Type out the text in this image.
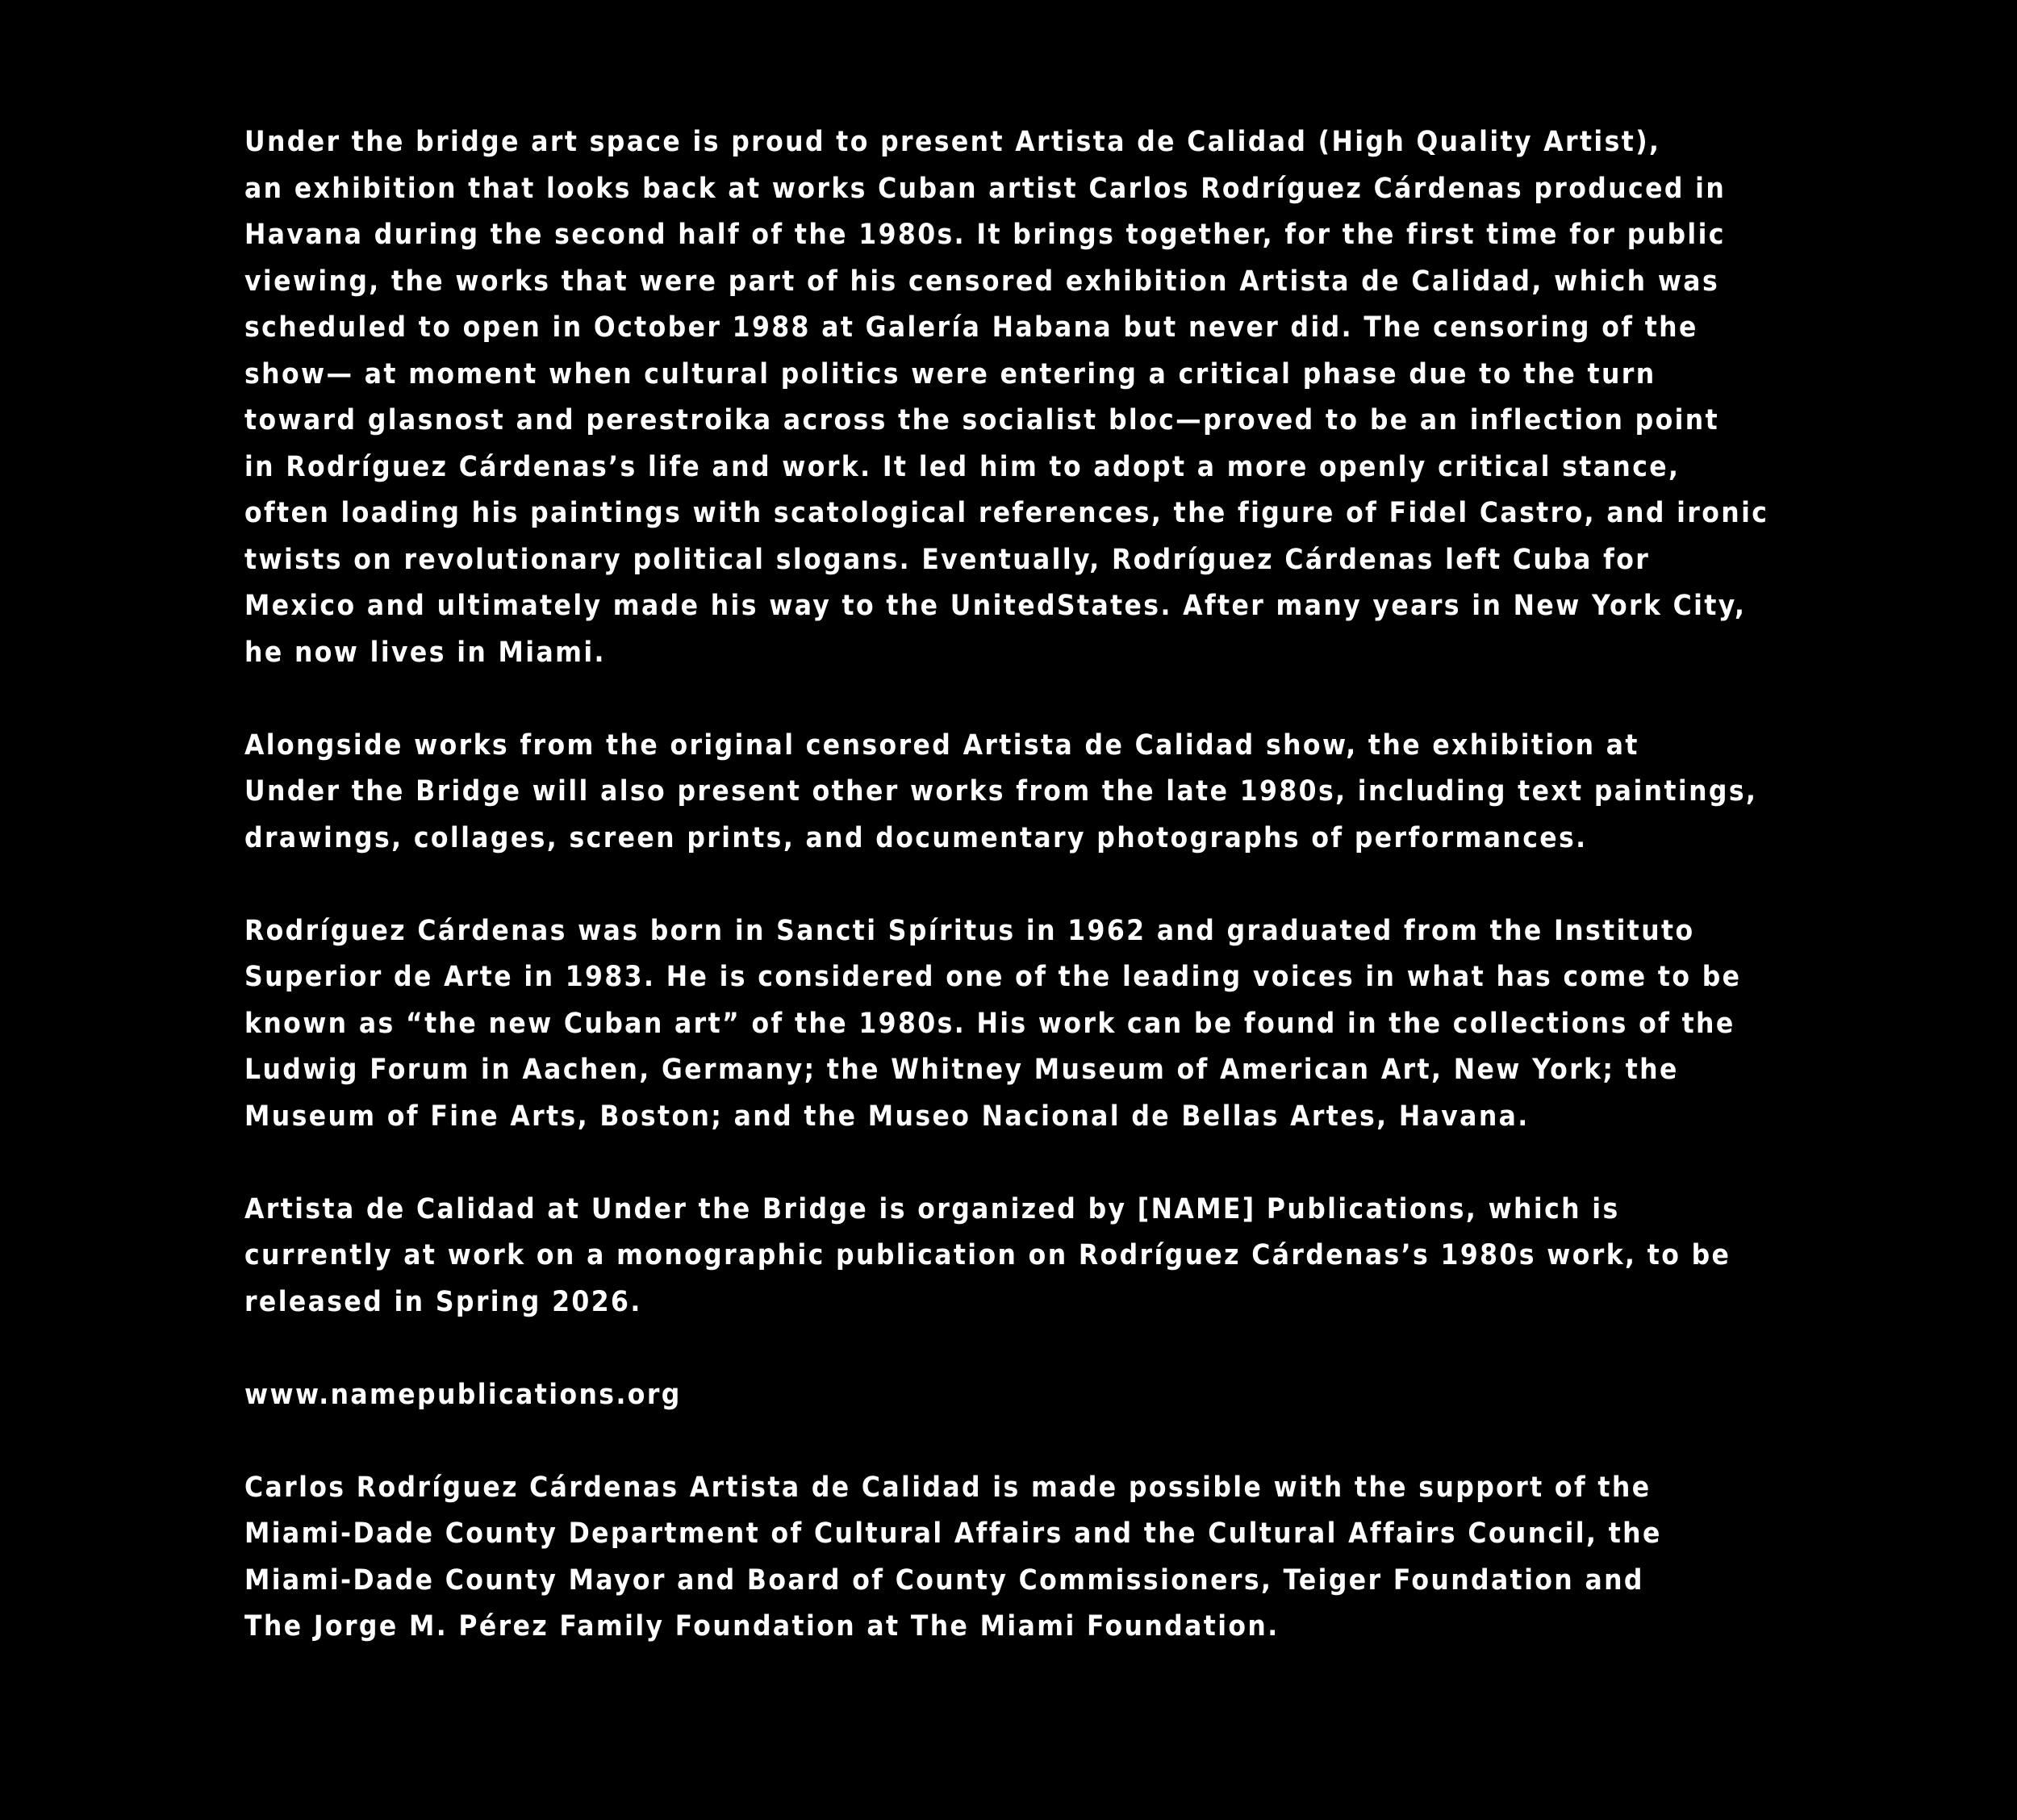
Under the bridge art space is proud to present Artista de Calidad (High Quality Artist),
an exhibition that looks back at works Cuban artist Carlos Rodríguez Cárdenas produced in
Havana during the second half of the 1980s. It brings together, for the first time for public
viewing, the works that were part of his censored exhibition Artista de Calidad, which was
scheduled to open in October 1988 at Galería Habana but never did. The censoring of the
show— at moment when cultural politics were entering a critical phase due to the turn
toward glasnost and perestroika across the socialist bloc—proved to be an inflection point
in Rodríguez Cárdenas’s life and work. It led him to adopt a more openly critical stance,
often loading his paintings with scatological references, the figure of Fidel Castro, and ironic
twists on revolutionary political slogans. Eventually, Rodríguez Cárdenas left Cuba for
Mexico and ultimately made his way to the UnitedStates. After many years in New York City,
he now lives in Miami.
Alongside works from the original censored Artista de Calidad show, the exhibition at
Under the Bridge will also present other works from the late 1980s, including text paintings,
drawings, collages, screen prints, and documentary photographs of performances.
Rodríguez Cárdenas was born in Sancti Spíritus in 1962 and graduated from the Instituto
Superior de Arte in 1983. He is considered one of the leading voices in what has come to be
known as “the new Cuban art” of the 1980s. His work can be found in the collections of the
Ludwig Forum in Aachen, Germany; the Whitney Museum of American Art, New York; the
Museum of Fine Arts, Boston; and the Museo Nacional de Bellas Artes, Havana.
Artista de Calidad at Under the Bridge is organized by [NAME] Publications, which is
currently at work on a monographic publication on Rodríguez Cárdenas’s 1980s work, to be
released in Spring 2026.
www.namepublications.org
Carlos Rodríguez Cárdenas Artista de Calidad is made possible with the support of the
Miami-Dade County Department of Cultural Affairs and the Cultural Affairs Council, the
Miami-Dade County Mayor and Board of County Commissioners, Teiger Foundation and
The Jorge M. Pérez Family Foundation at The Miami Foundation.
